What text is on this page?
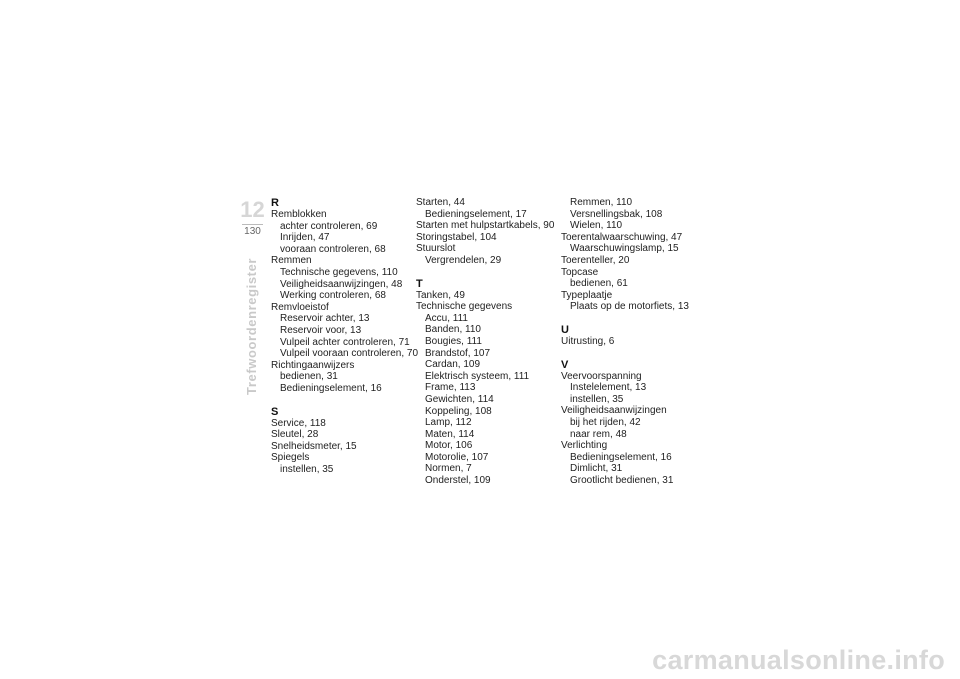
12
130
Trefwoordenregister
R
Remblokken
achter controleren, 69
Inrijden, 47
vooraan controleren, 68
Remmen
Technische gegevens, 110
Veiligheidsaanwijzingen, 48
Werking controleren, 68
Remvloeistof
Reservoir achter, 13
Reservoir voor, 13
Vulpeil achter controleren, 71
Vulpeil vooraan controleren, 70
Richtingaanwijzers
bedienen, 31
Bedieningselement, 16
S
Service, 118
Sleutel, 28
Snelheidsmeter, 15
Spiegels
instellen, 35
Starten, 44
Bedieningselement, 17
Starten met hulpstartkabels, 90
Storingstabel, 104
Stuurslot
Vergrendelen, 29
T
Tanken, 49
Technische gegevens
Accu, 111
Banden, 110
Bougies, 111
Brandstof, 107
Cardan, 109
Elektrisch systeem, 111
Frame, 113
Gewichten, 114
Koppeling, 108
Lamp, 112
Maten, 114
Motor, 106
Motorolie, 107
Normen, 7
Onderstel, 109
Remmen, 110
Versnellingsbak, 108
Wielen, 110
Toerentalwaarschuwing, 47
Waarschuwingslamp, 15
Toerenteller, 20
Topcase
bedienen, 61
Typeplaatje
Plaats op de motorfiets, 13
U
Uitrusting, 6
V
Veervoorspanning
Instelelement, 13
instellen, 35
Veiligheidsaanwijzingen
bij het rijden, 42
naar rem, 48
Verlichting
Bedieningselement, 16
Dimlicht, 31
Grootlicht bedienen, 31
carmanualsonline.info
